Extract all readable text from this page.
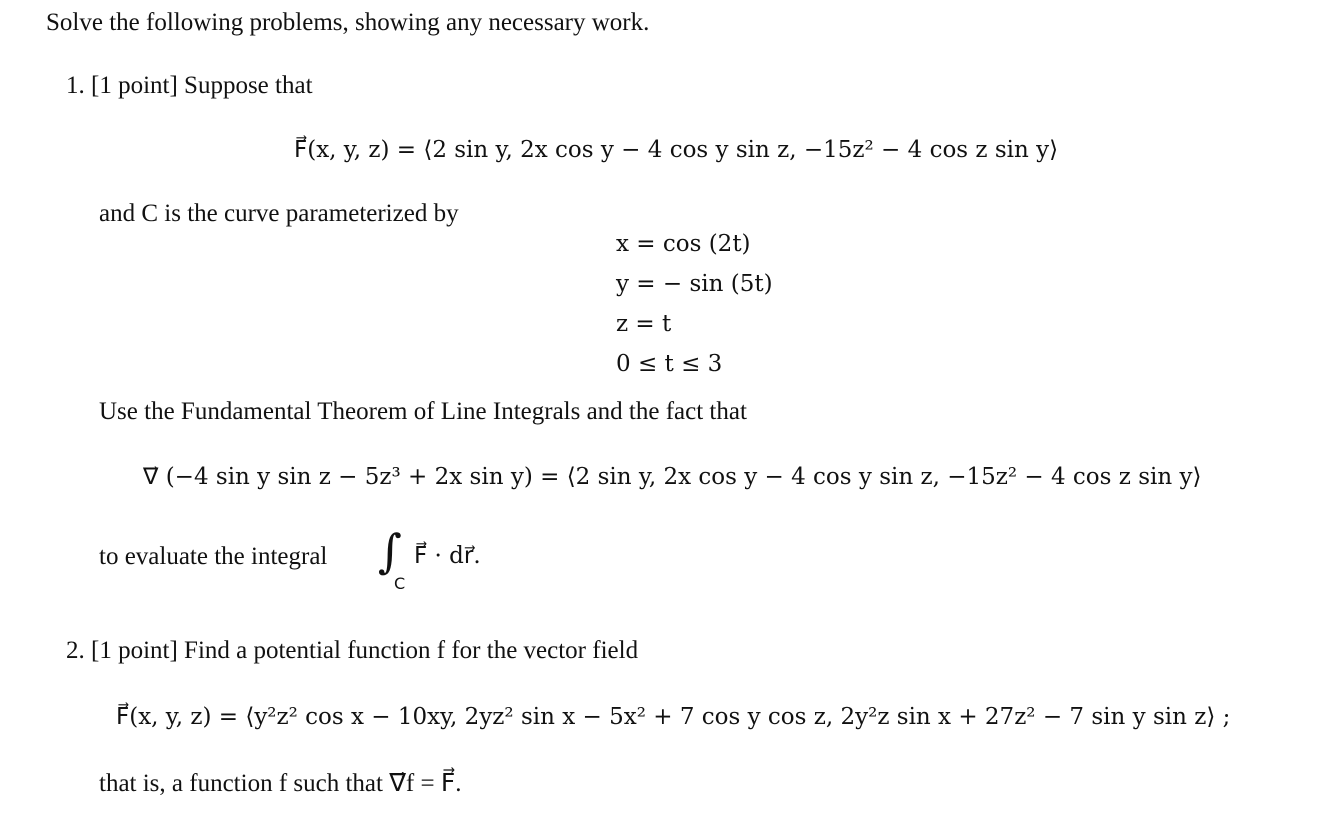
Solve the following problems, showing any necessary work.
1. [1 point] Suppose that
F⃗(x, y, z) = ⟨2 sin y, 2x cos y − 4 cos y sin z, −15z² − 4 cos z sin y⟩
and C is the curve parameterized by
x = cos (2t)
y = − sin (5t)
z = t
0 ≤ t ≤ 3
Use the Fundamental Theorem of Line Integrals and the fact that
∇⃗ (−4 sin y sin z − 5z³ + 2x sin y) = ⟨2 sin y, 2x cos y − 4 cos y sin z, −15z² − 4 cos z sin y⟩
to evaluate the integral ∫
C
F⃗ · dr⃗.
2. [1 point] Find a potential function f for the vector field
F⃗(x, y, z) = ⟨y²z² cos x − 10xy, 2yz² sin x − 5x² + 7 cos y cos z, 2y²z sin x + 27z² − 7 sin y sin z⟩ ;
that is, a function f such that ∇⃗f = F⃗.
